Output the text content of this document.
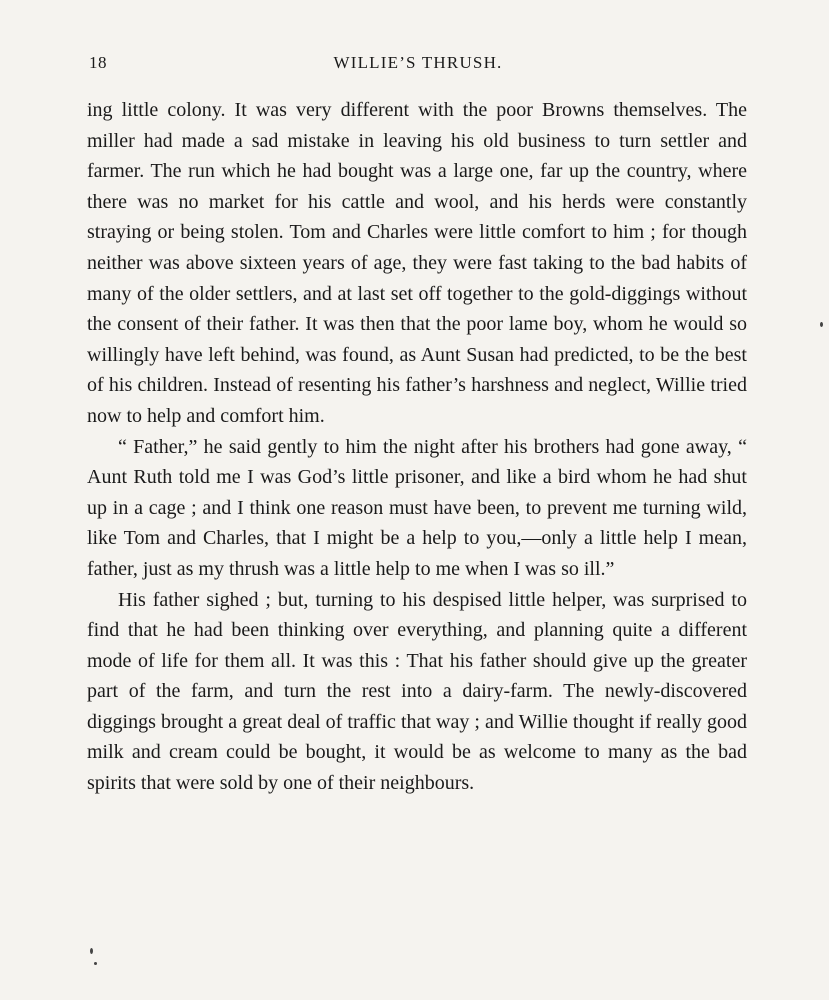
18	WILLIE’S THRUSH.

ing little colony. It was very different with the poor Browns themselves. The miller had made a sad mistake in leaving his old business to turn settler and farmer. The run which he had bought was a large one, far up the country, where there was no market for his cattle and wool, and his herds were constantly straying or being stolen. Tom and Charles were little comfort to him ; for though neither was above sixteen years of age, they were fast taking to the bad habits of many of the older settlers, and at last set off together to the gold-diggings without the consent of their father. It was then that the poor lame boy, whom he would so willingly have left behind, was found, as Aunt Susan had predicted, to be the best of his children. Instead of resenting his father’s harshness and neglect, Willie tried now to help and comfort him.

“ Father,” he said gently to him the night after his brothers had gone away, “ Aunt Ruth told me I was God’s little prisoner, and like a bird whom he had shut up in a cage ; and I think one reason must have been, to prevent me turning wild, like Tom and Charles, that I might be a help to you,—only a little help I mean, father, just as my thrush was a little help to me when I was so ill.”

His father sighed ; but, turning to his despised little helper, was surprised to find that he had been thinking over everything, and planning quite a different mode of life for them all. It was this : That his father should give up the greater part of the farm, and turn the rest into a dairy-farm. The newly-discovered diggings brought a great deal of traffic that way ; and Willie thought if really good milk and cream could be bought, it would be as welcome to many as the bad spirits that were sold by one of their neighbours.
